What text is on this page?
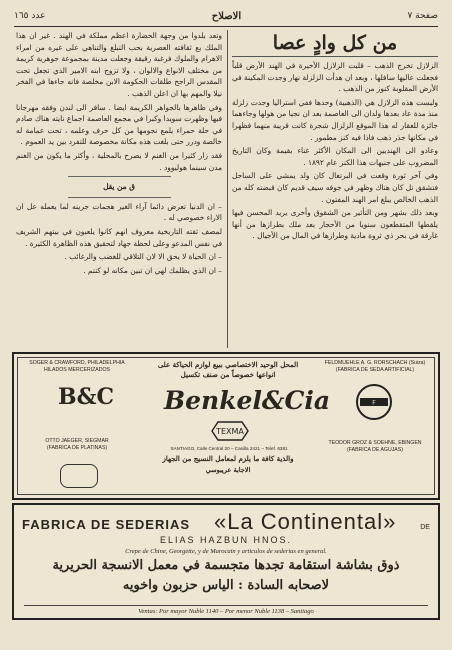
صفحة ٧
الاصلاح
عدد ١٦٥
من كل وادٍ عصا

الزلازل تخرج الذهب – قلبت الزلازل الأخيرة في الهند الأرض قلباً فجعلت عاليها سافلها ، وبعد ان هدأت الزلزلة نهار وجدت المكينة في الأرض المقلوبة كنوز من الذهب .

وليست هذه الزلازل هي (الذهبية) وحدها ففي استراليا وجدت زلزلة منذ مدة عاد بعدها ولدان الى العاصمة بعد ان نجيا من هولها وجاءهما جائزة للعقار له هذا الموقع الزلزال شجرة كانت قريبة منهما فظهرا في مكانها جذر ذهب فاذا فيه كنز مطمور .

وعادو الى الهنديين الى المكان الأكثر غناء بقيمة وكان التاريخ المضروب على جنيهات هذا الكنز عام ١٨٩٢ .

وفي آخر ثورة وقعت في البرتغال كان ولد يمشي على الساحل فتشقق تل كان هناك وظهر في جوفه سيف قديم كان قبضته كله من الذهب الخالص يبلغ امر الهند المفتون .

وبعد ذلك بشهر ومن التأثير من الشقوق وأخرى يريد المحسن فيها يلقطها المتقطعون سنويا من الأحجار بعد ملك بطرازها من أنها غارقة في بحر ذي ثروة مادية وطرازها في المال من الأجيال .

وتعد بلدوا من وجهة الحضارة اعظم مملكة في الهند . غير ان هذا الملك بع ثقافته العصرية بحب التبلغ والتناهي على غيره من امراء الاهرام والملوك فرغبة رقيقة وجعلت مدينة بمجموعة جوهرية كريمة من مختلف الانواع والالوان ، ولا تزوج ابنه الامير الذي تجعل تحت المقدس الراجح طلقات الحكومة الابن مخلصة فانه جاءها في الفخر نيلا والمهم بها ان اعلن الذهب .

وفي ظاهرها بالجواهر الكريمة ايضا . سافر الى لندن وفقه مهرجانا فيها وظهرت سويدا وكبرا في مجمع العاصمة اجماع نايته هناك صادم في حلة حمراء يلمع نجومها من كل حرف وعلمه ، تحت عمامة له خالصة ودرر حتى بلغت هذه مكانة مخصوصة للتفرد بين يد العموم .

فقد زار كثيرا من الغنم لا يصرح بالمحلية ، وأكثر ما يكون من الغنم مدن سينما هوليوود .

ق من يقل

– ان الدنيا تعرض دائما آراء الغير هجمات جرينه لما يعمله عل ان الاراء خصوصي له .

لمصف ثقته التاريخية معروف انهم كانوا يلعبون في بيتهم الشريف في نفس المدعو وعلى لحظة جهاد لتحقيق هذه الظاهرة الكثيرة .

– ان الحياة لا يحق الا لان التلاقي للغضب والرغائب .

– ان الذي يظلمك لهي ان تبين مكانه لو كنتم .

SOGER & CRAWFORD, PHILADELPHIA
HILADOS MERCERIZADOS
B&C
OTTO JAEGER, SIEGMAR
(FABRICA DE PLATINAS)
FELDMUEHLE A. G. RORSCHACH (Suiza)
(FABRICA DE SEDA ARTIFICIAL)
F
TEODOR GROZ & SOEHNE, EBINGEN
(FABRICA DE AGUJAS)
المحل الوحيد الاختصاصي ببيع لوازم الحياكة على
انواعها خصوصاً من صنف تكسيل
Benkel&Cia
TEXMA
SANTIAGO, Calle Central 20 – Casilla 2421 – Telef. 6381
والذية كافة ما يلزم لمعامل النسيج من الجهاز
الاجابة عريبوسي
FABRICA DE SEDERIAS «La Continental»	DE
ELIAS HAZBUN HNOS.
Crepe de Chine, Georgette, y de Marocain y articulos de sederias en general.
ذوق بشاشة استقامة تجدها متجسمة في معمل الانسجة الحريرية
لاصحابه السادة : الياس حزبون واخويه
Ventas: Por mayor Nuble 1140 – Por menor Nuble 1138 – Santiago
